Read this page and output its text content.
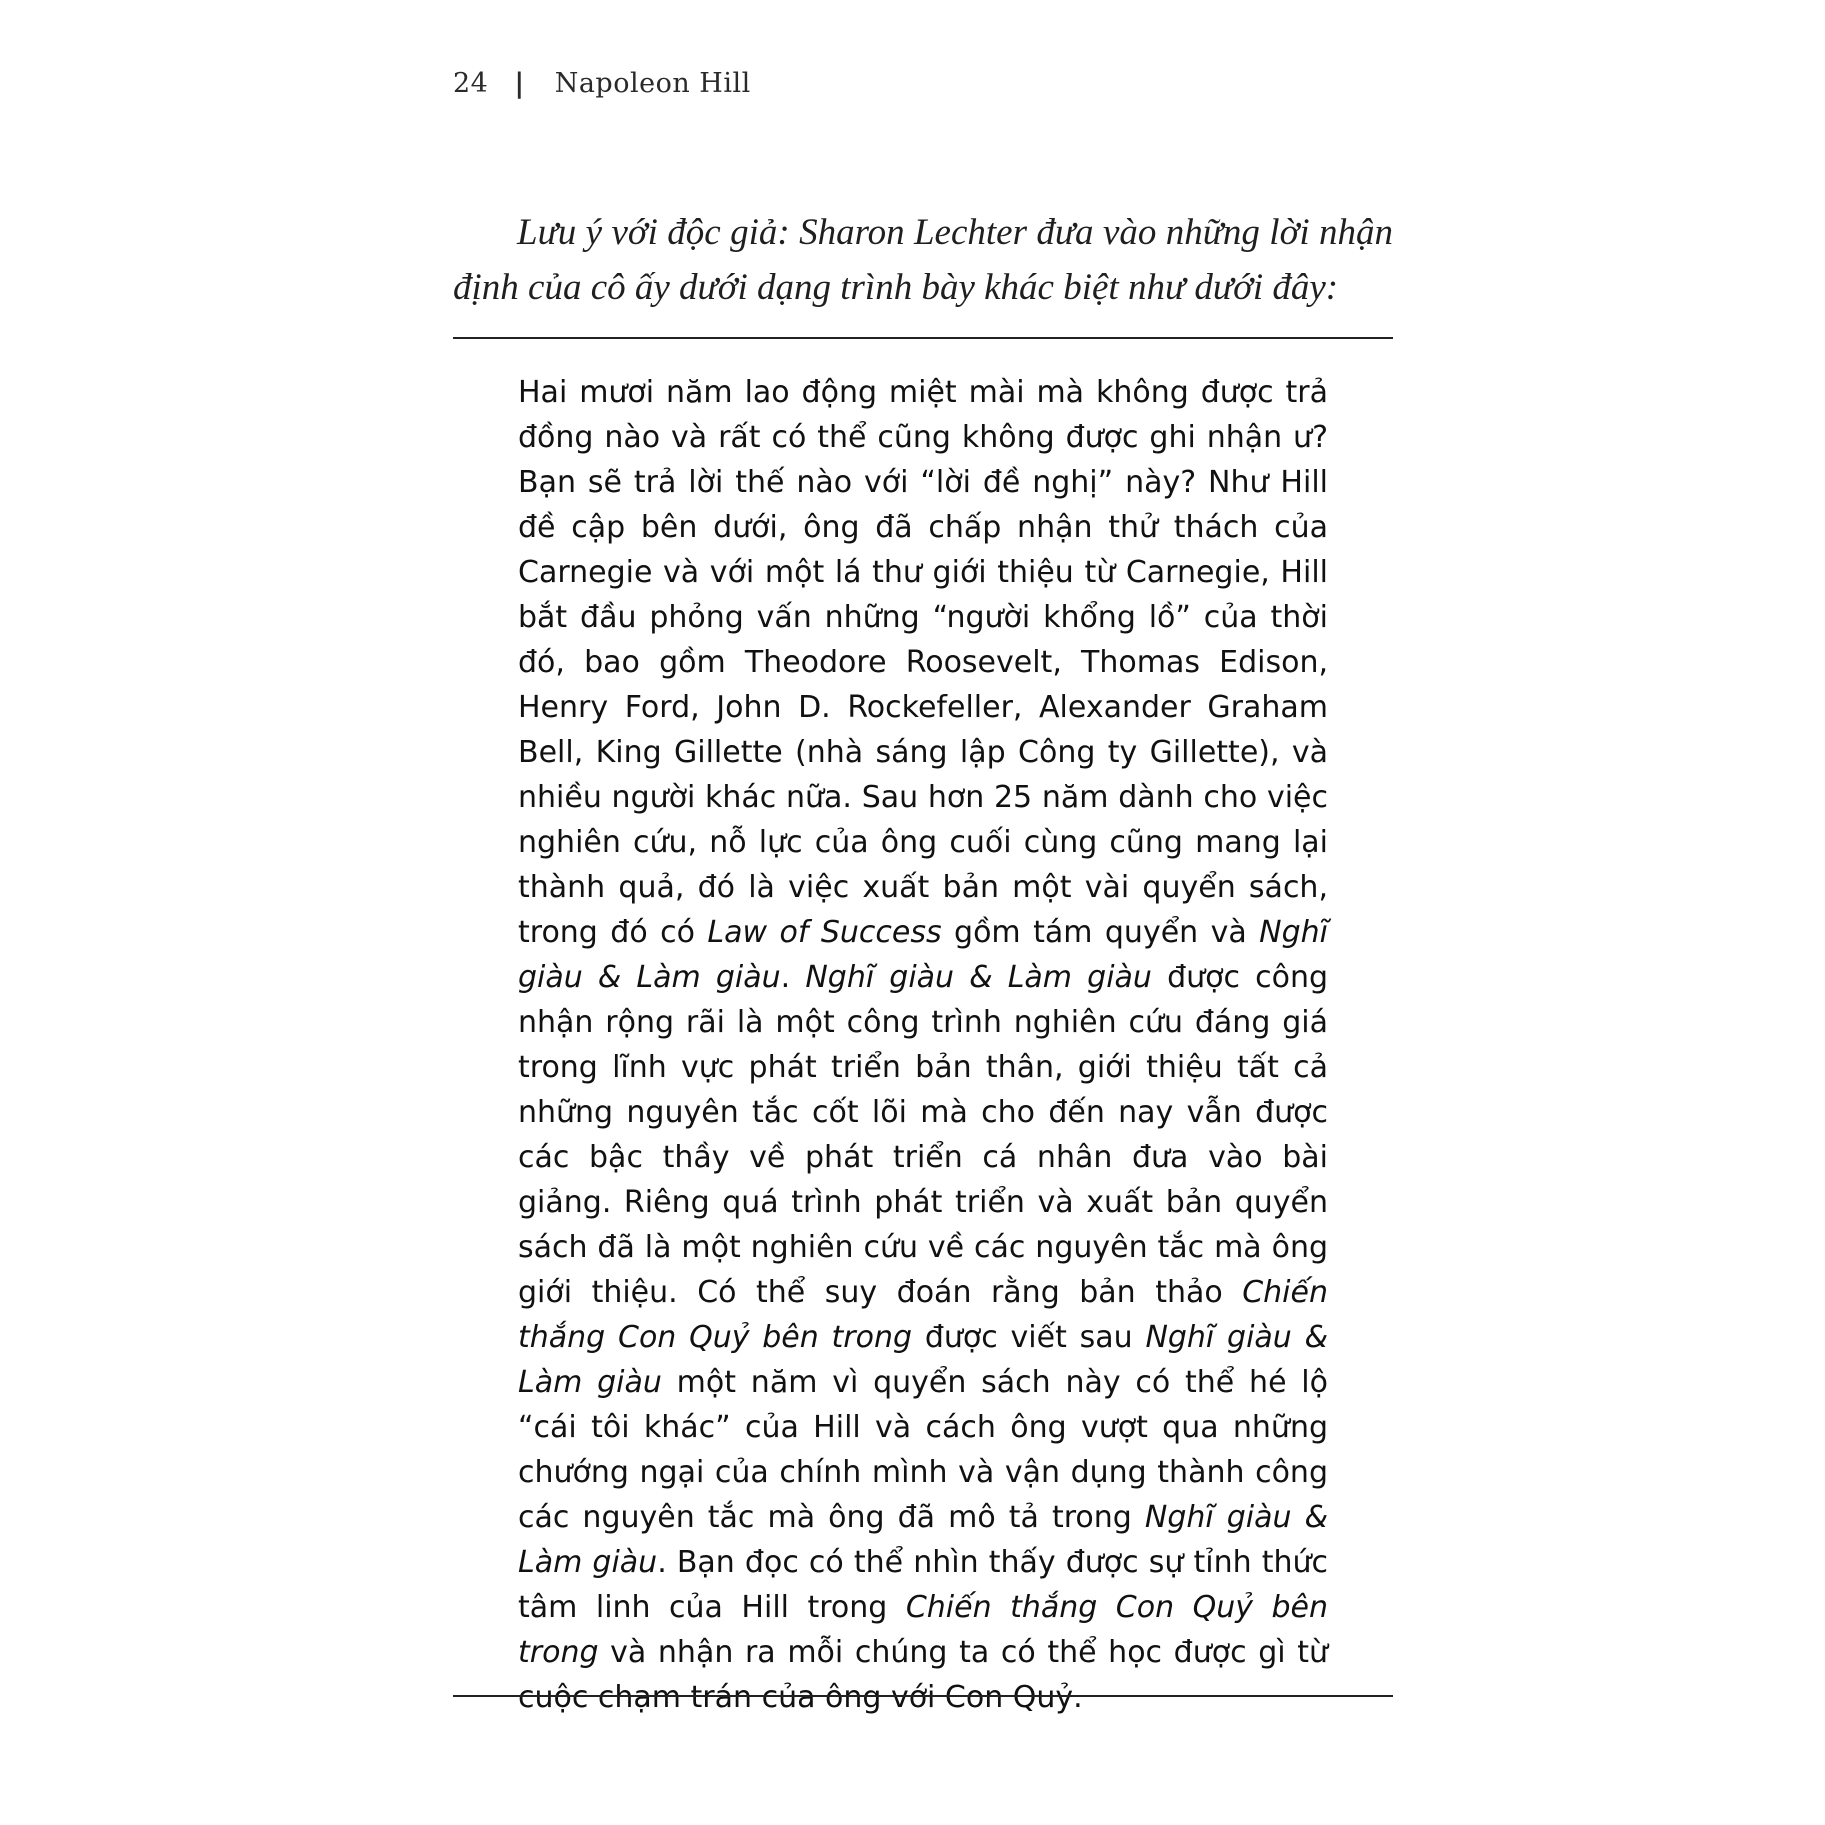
24 | Napoleon Hill

Lưu ý với độc giả: Sharon Lechter đưa vào những lời nhận định của cô ấy dưới dạng trình bày khác biệt như dưới đây:

Hai mươi năm lao động miệt mài mà không được trả đồng nào và rất có thể cũng không được ghi nhận ư? Bạn sẽ trả lời thế nào với “lời đề nghị” này? Như Hill đề cập bên dưới, ông đã chấp nhận thử thách của Carnegie và với một lá thư giới thiệu từ Carnegie, Hill bắt đầu phỏng vấn những “người khổng lồ” của thời đó, bao gồm Theodore Roosevelt, Thomas Edison, Henry Ford, John D. Rockefeller, Alexander Graham Bell, King Gillette (nhà sáng lập Công ty Gillette), và nhiều người khác nữa. Sau hơn 25 năm dành cho việc nghiên cứu, nỗ lực của ông cuối cùng cũng mang lại thành quả, đó là việc xuất bản một vài quyển sách, trong đó có Law of Success gồm tám quyển và Nghĩ giàu & Làm giàu. Nghĩ giàu & Làm giàu được công nhận rộng rãi là một công trình nghiên cứu đáng giá trong lĩnh vực phát triển bản thân, giới thiệu tất cả những nguyên tắc cốt lõi mà cho đến nay vẫn được các bậc thầy về phát triển cá nhân đưa vào bài giảng. Riêng quá trình phát triển và xuất bản quyển sách đã là một nghiên cứu về các nguyên tắc mà ông giới thiệu. Có thể suy đoán rằng bản thảo Chiến thắng Con Quỷ bên trong được viết sau Nghĩ giàu & Làm giàu một năm vì quyển sách này có thể hé lộ “cái tôi khác” của Hill và cách ông vượt qua những chướng ngại của chính mình và vận dụng thành công các nguyên tắc mà ông đã mô tả trong Nghĩ giàu & Làm giàu. Bạn đọc có thể nhìn thấy được sự tỉnh thức tâm linh của Hill trong Chiến thắng Con Quỷ bên trong và nhận ra mỗi chúng ta có thể học được gì từ cuộc chạm trán của ông với Con Quỷ.
